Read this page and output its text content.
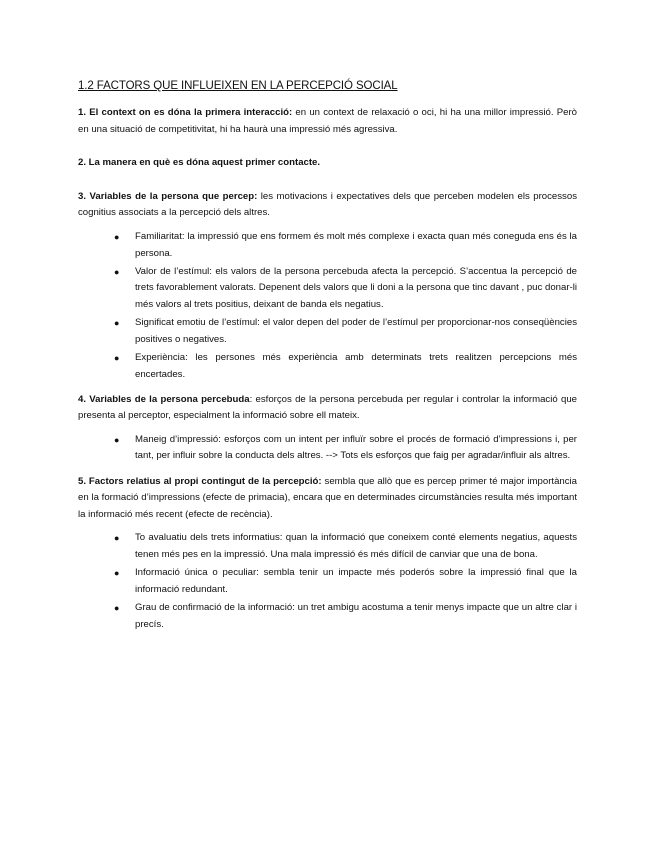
1.2 FACTORS QUE INFLUEIXEN EN LA PERCEPCIÓ SOCIAL

1. El context on es dóna la primera interacció: en un context de relaxació o oci, hi ha una millor impressió. Però en una situació de competitivitat, hi ha haurà una impressió més agressiva.

2. La manera en què es dóna aquest primer contacte.

3. Variables de la persona que percep: les motivacions i expectatives dels que perceben modelen els processos cognitius associats a la percepció dels altres.

● Familiaritat: la impressió que ens formem és molt més complexe i exacta quan més coneguda ens és la persona.
● Valor de l’estímul: els valors de la persona percebuda afecta la percepció. S’accentua la percepció de trets favorablement valorats. Depenent dels valors que li doni a la persona que tinc davant , puc donar-li més valors al trets positius, deixant de banda els negatius.
● Significat emotiu de l’estímul: el valor depen del poder de l’estímul per proporcionar-nos conseqüències positives o negatives.
● Experiència: les persones més experiència amb determinats trets realitzen percepcions més encertades.

4. Variables de la persona percebuda: esforços de la persona percebuda per regular i controlar la informació que presenta al perceptor, especialment la informació sobre ell mateix.

● Maneig d’impressió: esforços com un intent per influïr sobre el procés de formació d’impressions i, per tant, per influir sobre la conducta dels altres. --> Tots els esforços que faig per agradar/influir als altres.

5. Factors relatius al propi contingut de la percepció: sembla que allò que es percep primer té major importància en la formació d’impressions (efecte de primacia), encara que en determinades circumstàncies resulta més important la informació més recent (efecte de recència).

● To avaluatiu dels trets informatius: quan la informació que coneixem conté elements negatius, aquests tenen més pes en la impressió. Una mala impressió és més difícil de canviar que una de bona.
● Informació única o peculiar: sembla tenir un impacte més poderós sobre la impressió final que la informació redundant.
● Grau de confirmació de la informació: un tret ambigu acostuma a tenir menys impacte que un altre clar i precís.
